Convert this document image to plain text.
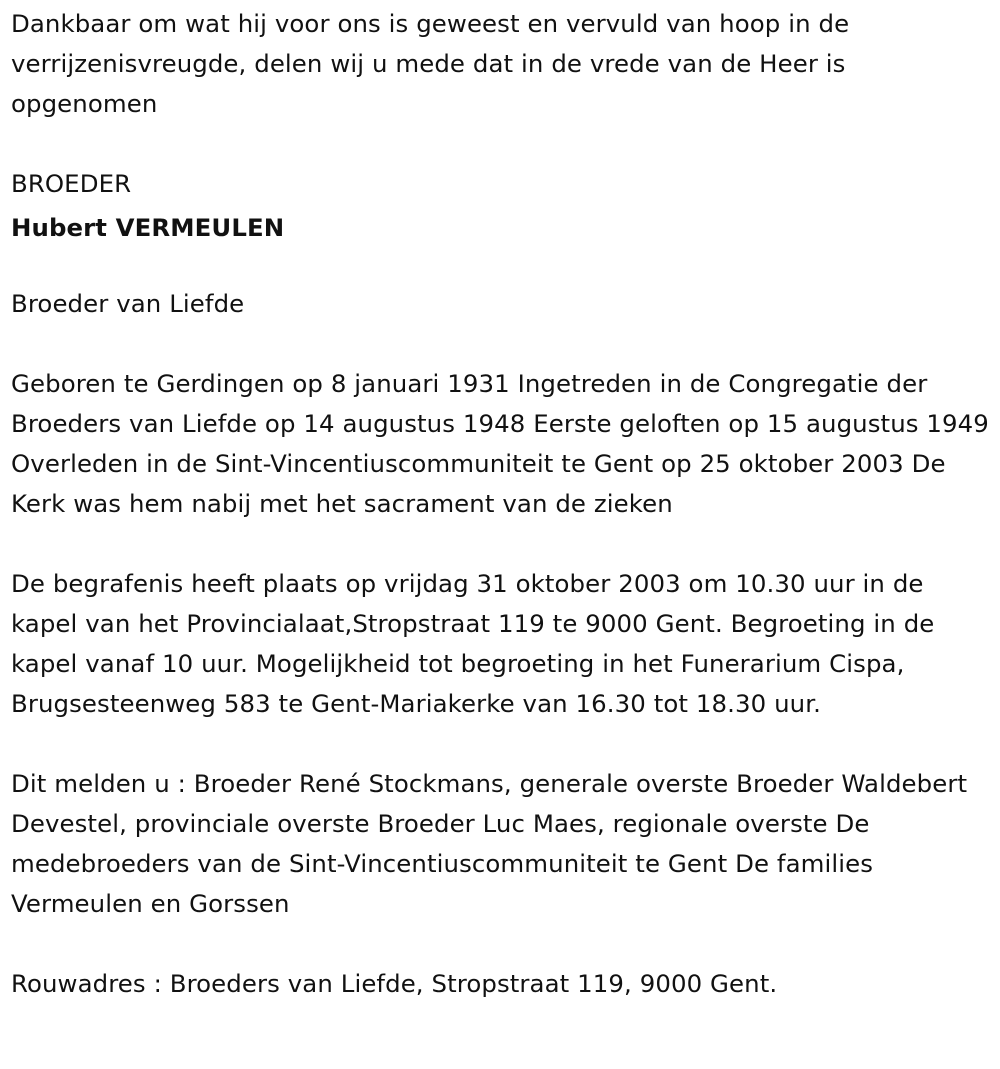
Dankbaar om wat hij voor ons is geweest en vervuld van hoop in de verrijzenisvreugde, delen wij u mede dat in de vrede van de Heer is opgenomen

BROEDER

Hubert VERMEULEN

Broeder van Liefde

Geboren te Gerdingen op 8 januari 1931 Ingetreden in de Congregatie der Broeders van Liefde op 14 augustus 1948 Eerste geloften op 15 augustus 1949 Overleden in de Sint-Vincentiuscommuniteit te Gent op 25 oktober 2003 De Kerk was hem nabij met het sacrament van de zieken

De begrafenis heeft plaats op vrijdag 31 oktober 2003 om 10.30 uur in de kapel van het Provincialaat,Stropstraat 119 te 9000 Gent. Begroeting in de kapel vanaf 10 uur. Mogelijkheid tot begroeting in het Funerarium Cispa, Brugsesteenweg 583 te Gent-Mariakerke van 16.30 tot 18.30 uur.

Dit melden u : Broeder René Stockmans, generale overste Broeder Waldebert Devestel, provinciale overste Broeder Luc Maes, regionale overste De medebroeders van de Sint-Vincentiuscommuniteit te Gent De families Vermeulen en Gorssen

Rouwadres : Broeders van Liefde, Stropstraat 119, 9000 Gent.
